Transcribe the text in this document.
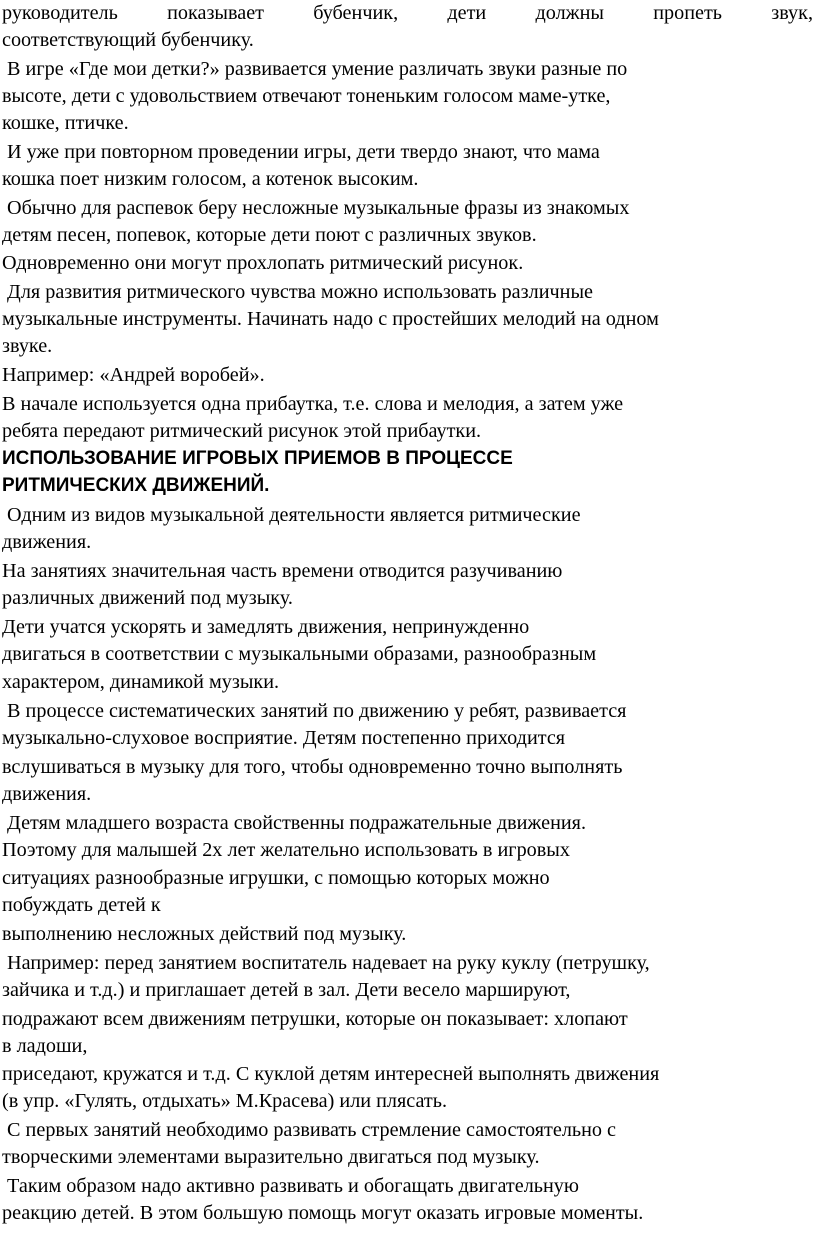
руководитель показывает бубенчик, дети должны пропеть звук,
соответствующий бубенчику.
В игре «Где мои детки?» развивается умение различать звуки разные по
высоте, дети с удовольствием отвечают тоненьким голосом маме-утке,
кошке, птичке.
И уже при повторном проведении игры, дети твердо знают, что мама
кошка поет низким голосом, а котенок высоким.
Обычно для распевок беру несложные музыкальные фразы из знакомых
детям песен, попевок, которые дети поют с различных звуков.
Одновременно они могут прохлопать ритмический рисунок.
Для развития ритмического чувства можно использовать различные
музыкальные инструменты. Начинать надо с простейших мелодий на одном
звуке.
Например: «Андрей воробей».
В начале используется одна прибаутка, т.е. слова и мелодия, а затем уже
ребята передают ритмический рисунок этой прибаутки.
ИСПОЛЬЗОВАНИЕ ИГРОВЫХ ПРИЕМОВ В ПРОЦЕССЕ
РИТМИЧЕСКИХ ДВИЖЕНИЙ.
Одним из видов музыкальной деятельности является ритмические
движения.
На занятиях значительная часть времени отводится разучиванию
различных движений под музыку.
Дети учатся ускорять и замедлять движения, непринужденно
двигаться в соответствии с музыкальными образами, разнообразным
характером, динамикой музыки.
В процессе систематических занятий по движению у ребят, развивается
музыкально-слуховое восприятие. Детям постепенно приходится
вслушиваться в музыку для того, чтобы одновременно точно выполнять
движения.
Детям младшего возраста свойственны подражательные движения.
Поэтому для малышей 2х лет желательно использовать в игровых
ситуациях разнообразные игрушки, с помощью которых можно
побуждать детей к
выполнению несложных действий под музыку.
Например: перед занятием воспитатель надевает на руку куклу (петрушку,
зайчика и т.д.) и приглашает детей в зал. Дети весело маршируют,
подражают всем движениям петрушки, которые он показывает: хлопают
в ладоши,
приседают, кружатся и т.д. С куклой детям интересней выполнять движения
(в упр. «Гулять, отдыхать» М.Красева) или плясать.
С первых занятий необходимо развивать стремление самостоятельно с
творческими элементами выразительно двигаться под музыку.
Таким образом надо активно развивать и обогащать двигательную
реакцию детей. В этом большую помощь могут оказать игровые моменты.
